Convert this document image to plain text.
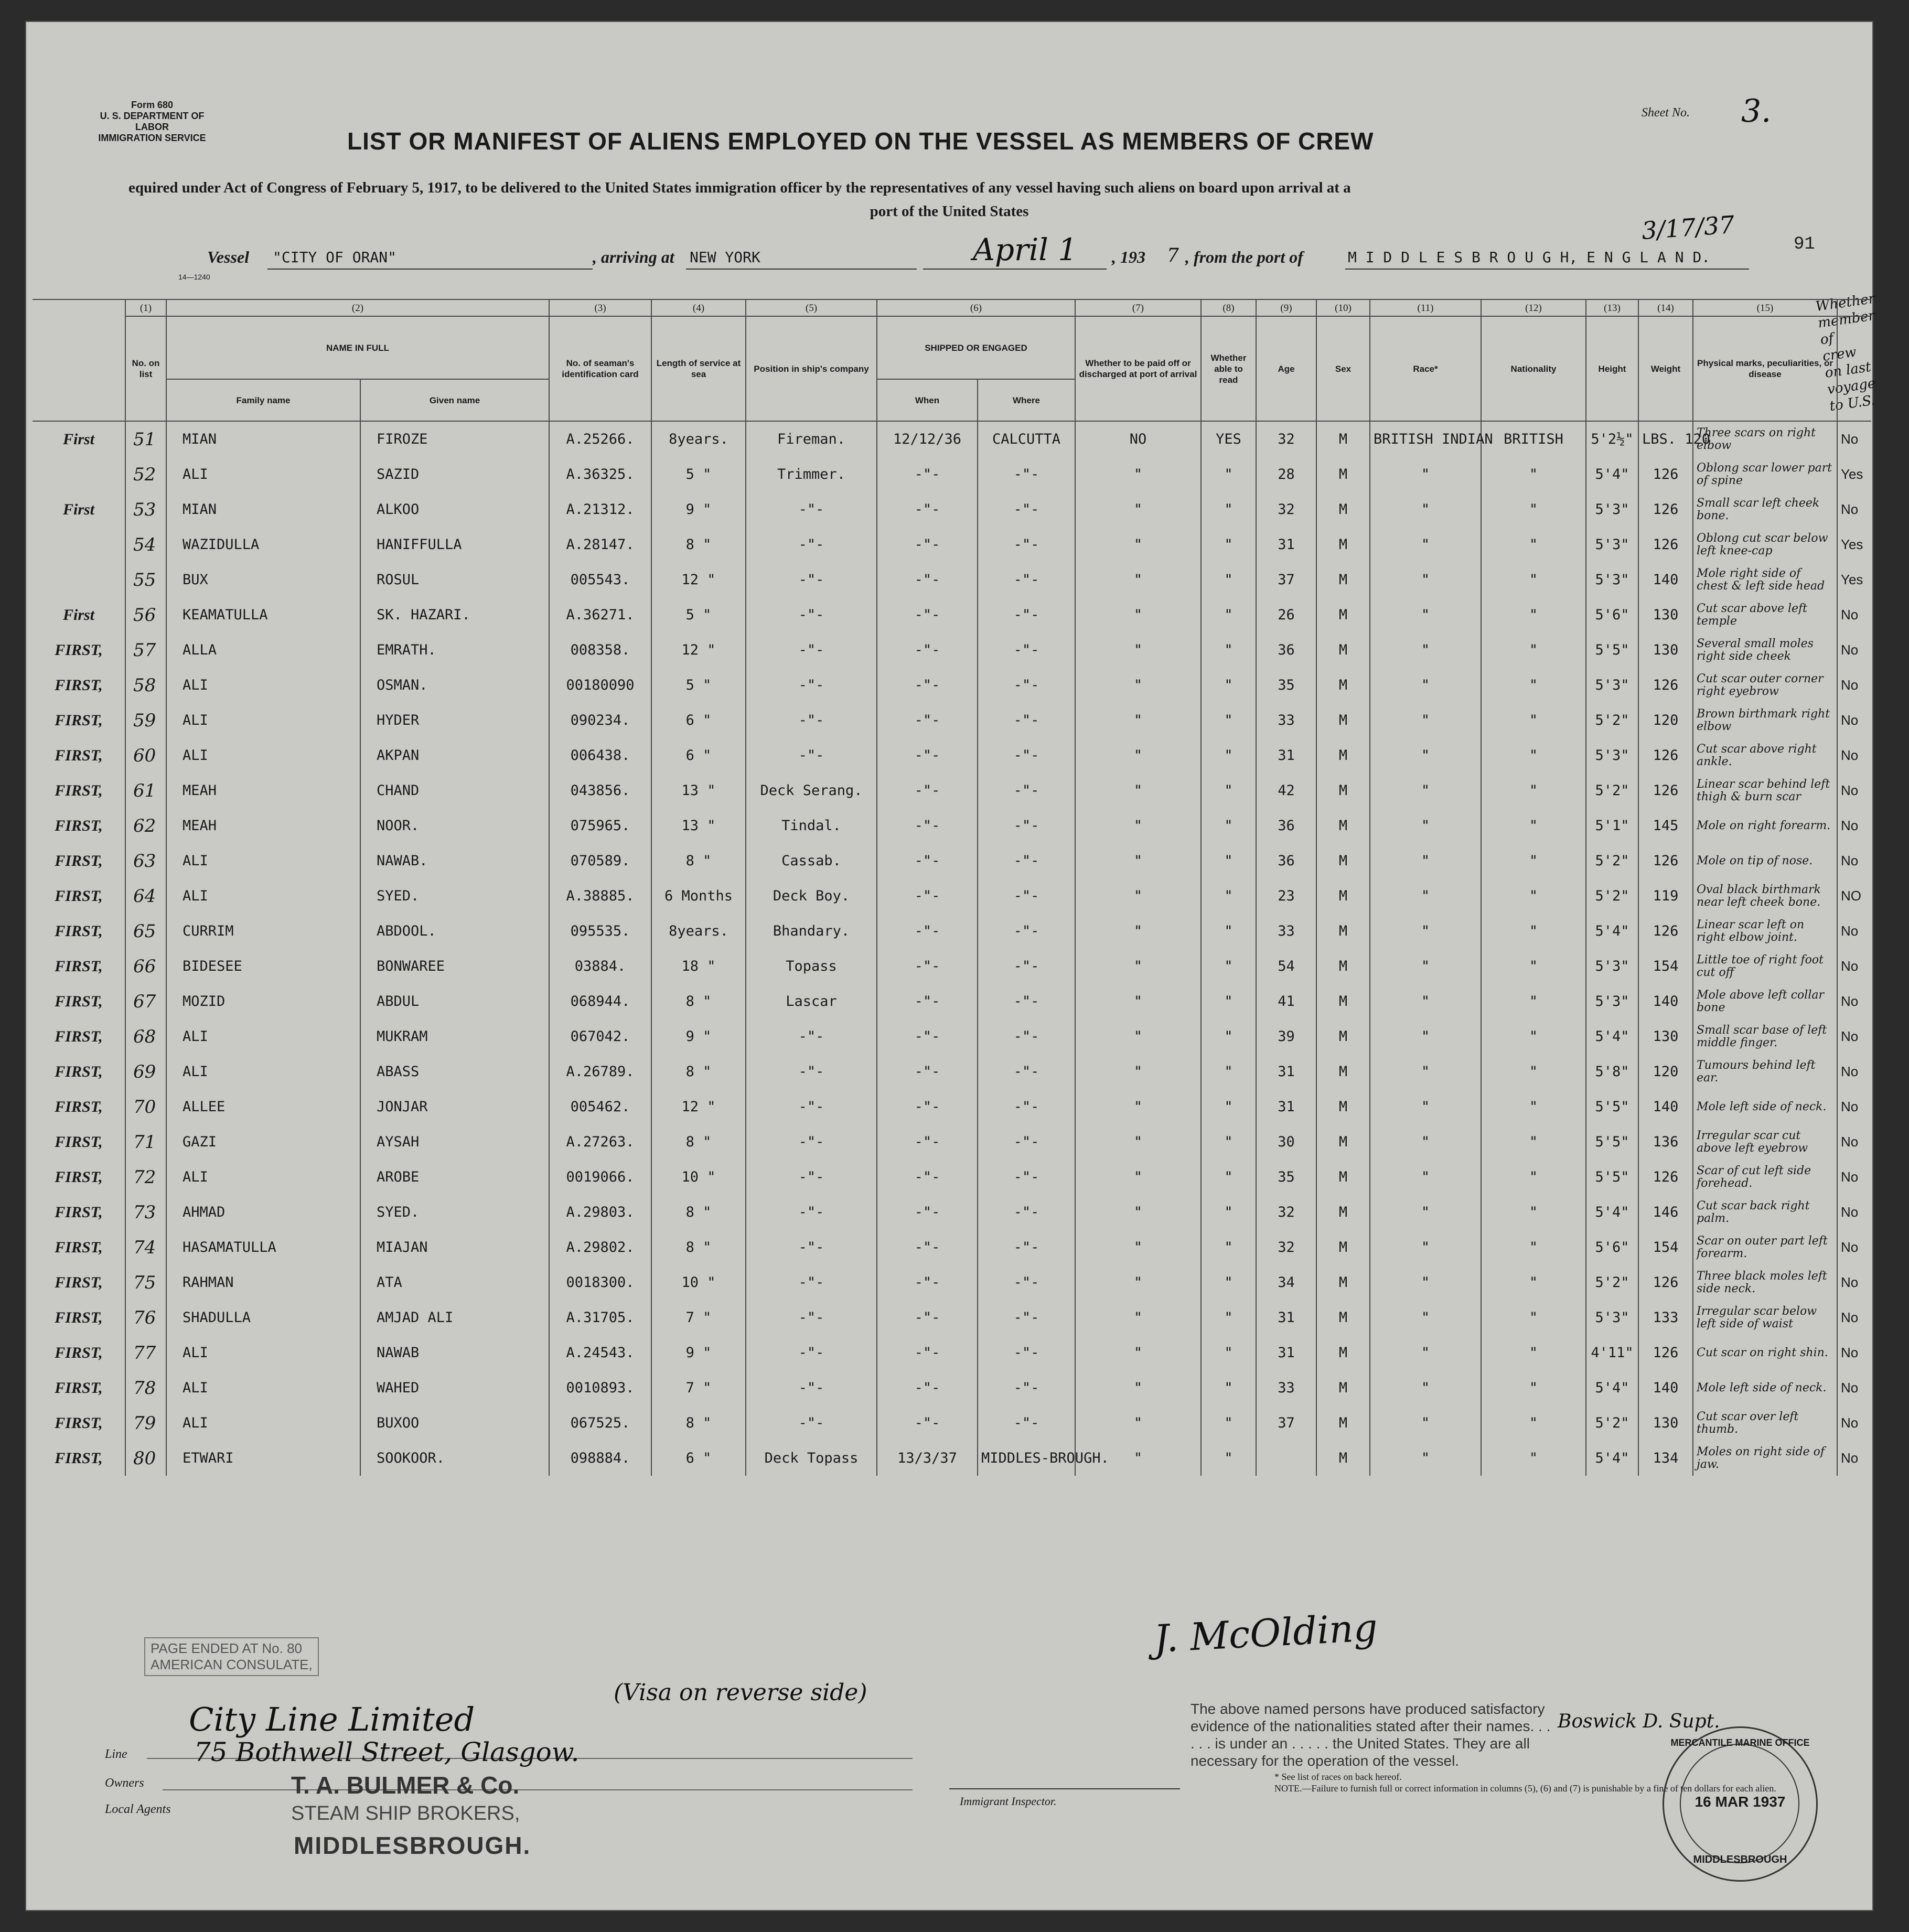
Form 680
U. S. DEPARTMENT OF LABOR
IMMIGRATION SERVICE
Sheet No. 3.
LIST OR MANIFEST OF ALIENS EMPLOYED ON THE VESSEL AS MEMBERS OF CREW
equired under Act of Congress of February 5, 1917, to be delivered to the United States immigration officer by the representatives of any vessel having such aliens on board upon arrival at a
port of the United States	3/17/37	91
Vessel "CITY OF ORAN"	, arriving at NEW YORK	April 1 , 193 7 , from the port of	M I D D L E S B R O U G H, E N G L A N D.
14—1240
Whether member of crew on last voyage to U.S.
	(1)	(2)		(3)	(4)	(5)	(6)		(7)	(8)	(9)	(10)	(11)	(12)	(13)	(14)	(15)	
	No. on list	NAME IN FULL		No. of seaman's identification card	Length of service at sea	Position in ship's company	SHIPPED OR ENGAGED		Whether to be paid off or discharged at port of arrival	Whether able to read	Age	Sex	Race*	Nationality	Height	Weight	Physical marks, peculiarities, or disease	
		Family name	Given name				When	Where										
First	51	MIAN	FIROZE	A.25266.	8years.	Fireman.	12/12/36	CALCUTTA	NO	YES	32	M	BRITISH INDIAN	BRITISH	5'2½"	LBS. 120	Three scars on right elbow	No
	52	ALI	SAZID	A.36325.	5 "	Trimmer.	-"-	-"-	"	"	28	M	"	"	5'4"	126	Oblong scar lower part of spine	Yes
First	53	MIAN	ALKOO	A.21312.	9 "	-"-	-"-	-"-	"	"	32	M	"	"	5'3"	126	Small scar left cheek bone.	No
	54	WAZIDULLA	HANIFFULLA	A.28147.	8 "	-"-	-"-	-"-	"	"	31	M	"	"	5'3"	126	Oblong cut scar below left knee-cap	Yes
	55	BUX	ROSUL	005543.	12 "	-"-	-"-	-"-	"	"	37	M	"	"	5'3"	140	Mole right side of chest & left side head	Yes
First	56	KEAMATULLA	SK. HAZARI.	A.36271.	5 "	-"-	-"-	-"-	"	"	26	M	"	"	5'6"	130	Cut scar above left temple	No
FIRST,	57	ALLA	EMRATH.	008358.	12 "	-"-	-"-	-"-	"	"	36	M	"	"	5'5"	130	Several small moles right side cheek	No
FIRST,	58	ALI	OSMAN.	00180090	5 "	-"-	-"-	-"-	"	"	35	M	"	"	5'3"	126	Cut scar outer corner right eyebrow	No
FIRST,	59	ALI	HYDER	090234.	6 "	-"-	-"-	-"-	"	"	33	M	"	"	5'2"	120	Brown birthmark right elbow	No
FIRST,	60	ALI	AKPAN	006438.	6 "	-"-	-"-	-"-	"	"	31	M	"	"	5'3"	126	Cut scar above right ankle.	No
FIRST,	61	MEAH	CHAND	043856.	13 "	Deck Serang.	-"-	-"-	"	"	42	M	"	"	5'2"	126	Linear scar behind left thigh & burn scar	No
FIRST,	62	MEAH	NOOR.	075965.	13 "	Tindal.	-"-	-"-	"	"	36	M	"	"	5'1"	145	Mole on right forearm.	No
FIRST,	63	ALI	NAWAB.	070589.	8 "	Cassab.	-"-	-"-	"	"	36	M	"	"	5'2"	126	Mole on tip of nose.	No
FIRST,	64	ALI	SYED.	A.38885.	6 Months	Deck Boy.	-"-	-"-	"	"	23	M	"	"	5'2"	119	Oval black birthmark near left cheek bone.	NO
FIRST,	65	CURRIM	ABDOOL.	095535.	8years.	Bhandary.	-"-	-"-	"	"	33	M	"	"	5'4"	126	Linear scar left on right elbow joint.	No
FIRST,	66	BIDESEE	BONWAREE	03884.	18 "	Topass	-"-	-"-	"	"	54	M	"	"	5'3"	154	Little toe of right foot cut off	No
FIRST,	67	MOZID	ABDUL	068944.	8 "	Lascar	-"-	-"-	"	"	41	M	"	"	5'3"	140	Mole above left collar bone	No
FIRST,	68	ALI	MUKRAM	067042.	9 "	-"-	-"-	-"-	"	"	39	M	"	"	5'4"	130	Small scar base of left middle finger.	No
FIRST,	69	ALI	ABASS	A.26789.	8 "	-"-	-"-	-"-	"	"	31	M	"	"	5'8"	120	Tumours behind left ear.	No
FIRST,	70	ALLEE	JONJAR	005462.	12 "	-"-	-"-	-"-	"	"	31	M	"	"	5'5"	140	Mole left side of neck.	No
FIRST,	71	GAZI	AYSAH	A.27263.	8 "	-"-	-"-	-"-	"	"	30	M	"	"	5'5"	136	Irregular scar cut above left eyebrow	No
FIRST,	72	ALI	AROBE	0019066.	10 "	-"-	-"-	-"-	"	"	35	M	"	"	5'5"	126	Scar of cut left side forehead.	No
FIRST,	73	AHMAD	SYED.	A.29803.	8 "	-"-	-"-	-"-	"	"	32	M	"	"	5'4"	146	Cut scar back right palm.	No
FIRST,	74	HASAMATULLA	MIAJAN	A.29802.	8 "	-"-	-"-	-"-	"	"	32	M	"	"	5'6"	154	Scar on outer part left forearm.	No
FIRST,	75	RAHMAN	ATA	0018300.	10 "	-"-	-"-	-"-	"	"	34	M	"	"	5'2"	126	Three black moles left side neck.	No
FIRST,	76	SHADULLA	AMJAD ALI	A.31705.	7 "	-"-	-"-	-"-	"	"	31	M	"	"	5'3"	133	Irregular scar below left side of waist	No
FIRST,	77	ALI	NAWAB	A.24543.	9 "	-"-	-"-	-"-	"	"	31	M	"	"	4'11"	126	Cut scar on right shin.	No
FIRST,	78	ALI	WAHED	0010893.	7 "	-"-	-"-	-"-	"	"	33	M	"	"	5'4"	140	Mole left side of neck.	No
FIRST,	79	ALI	BUXOO	067525.	8 "	-"-	-"-	-"-	"	"	37	M	"	"	5'2"	130	Cut scar over left thumb.	No
FIRST,	80	ETWARI	SOOKOOR.	098884.	6 "	Deck Topass	13/3/37	MIDDLES-BROUGH.	"	"		M	"	"	5'4"	134	Moles on right side of jaw.	No
PAGE ENDED AT No. 80
AMERICAN CONSULATE,
(Visa on reverse side)
Line
City Line Limited
Owners
75 Bothwell Street, Glasgow.
Local Agents
T. A. BULMER & Co.
STEAM SHIP BROKERS,
MIDDLESBROUGH.
Immigrant Inspector.
J. McOlding
The above named persons have produced satisfactory evidence of the nationalities stated after their names. . . . . . is under an . . . . . the United States. They are all necessary for the operation of the vessel.
* See list of races on back hereof.
NOTE.—Failure to furnish full or correct information in columns (5), (6) and (7) is punishable by a fine of ten dollars for each alien.
Boswick D. Supt.
MERCANTILE MARINE OFFICE
16 MAR 1937
MIDDLESBROUGH
